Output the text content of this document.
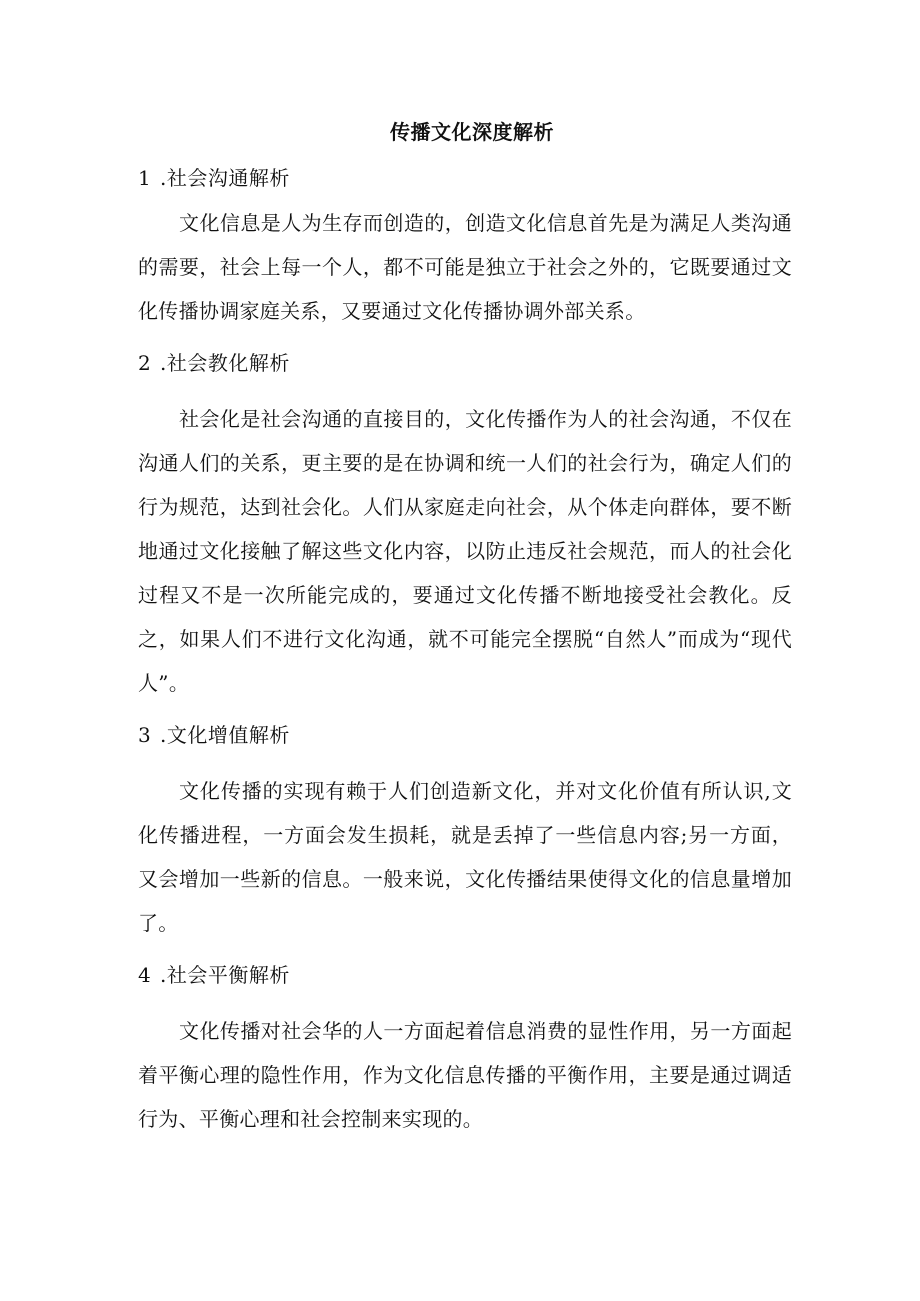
传播文化深度解析
1 .社会沟通解析

文化信息是人为生存而创造的，创造文化信息首先是为满足人类沟通的需要，社会上每一个人，都不可能是独立于社会之外的，它既要通过文化传播协调家庭关系，又要通过文化传播协调外部关系。

2 .社会教化解析

社会化是社会沟通的直接目的，文化传播作为人的社会沟通，不仅在沟通人们的关系，更主要的是在协调和统一人们的社会行为，确定人们的行为规范，达到社会化。人们从家庭走向社会，从个体走向群体，要不断地通过文化接触了解这些文化内容，以防止违反社会规范，而人的社会化过程又不是一次所能完成的，要通过文化传播不断地接受社会教化。反之，如果人们不进行文化沟通，就不可能完全摆脱“自然人”而成为“现代人”。

3 .文化增值解析

文化传播的实现有赖于人们创造新文化，并对文化价值有所认识,文化传播进程，一方面会发生损耗，就是丢掉了一些信息内容;另一方面，又会增加一些新的信息。一般来说，文化传播结果使得文化的信息量增加了。

4 .社会平衡解析

文化传播对社会华的人一方面起着信息消费的显性作用，另一方面起着平衡心理的隐性作用，作为文化信息传播的平衡作用，主要是通过调适行为、平衡心理和社会控制来实现的。
